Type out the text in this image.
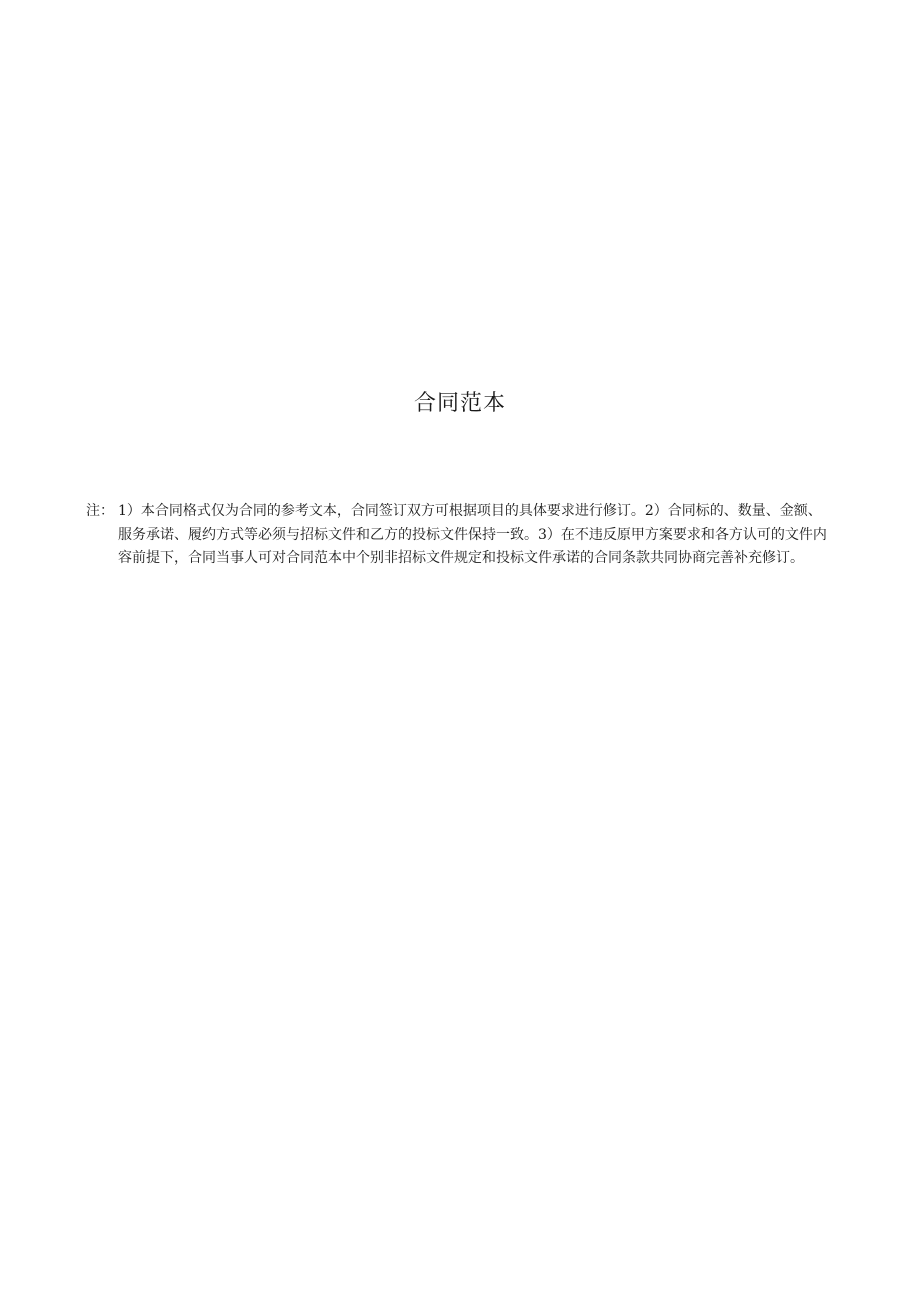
合同范本
注： 1）本合同格式仅为合同的参考文本，合同签订双方可根据项目的具体要求进行修订。2）合同标的、数量、金额、服务承诺、履约方式等必须与招标文件和乙方的投标文件保持一致。3）在不违反原甲方案要求和各方认可的文件内容前提下，合同当事人可对合同范本中个别非招标文件规定和投标文件承诺的合同条款共同协商完善补充修订。
